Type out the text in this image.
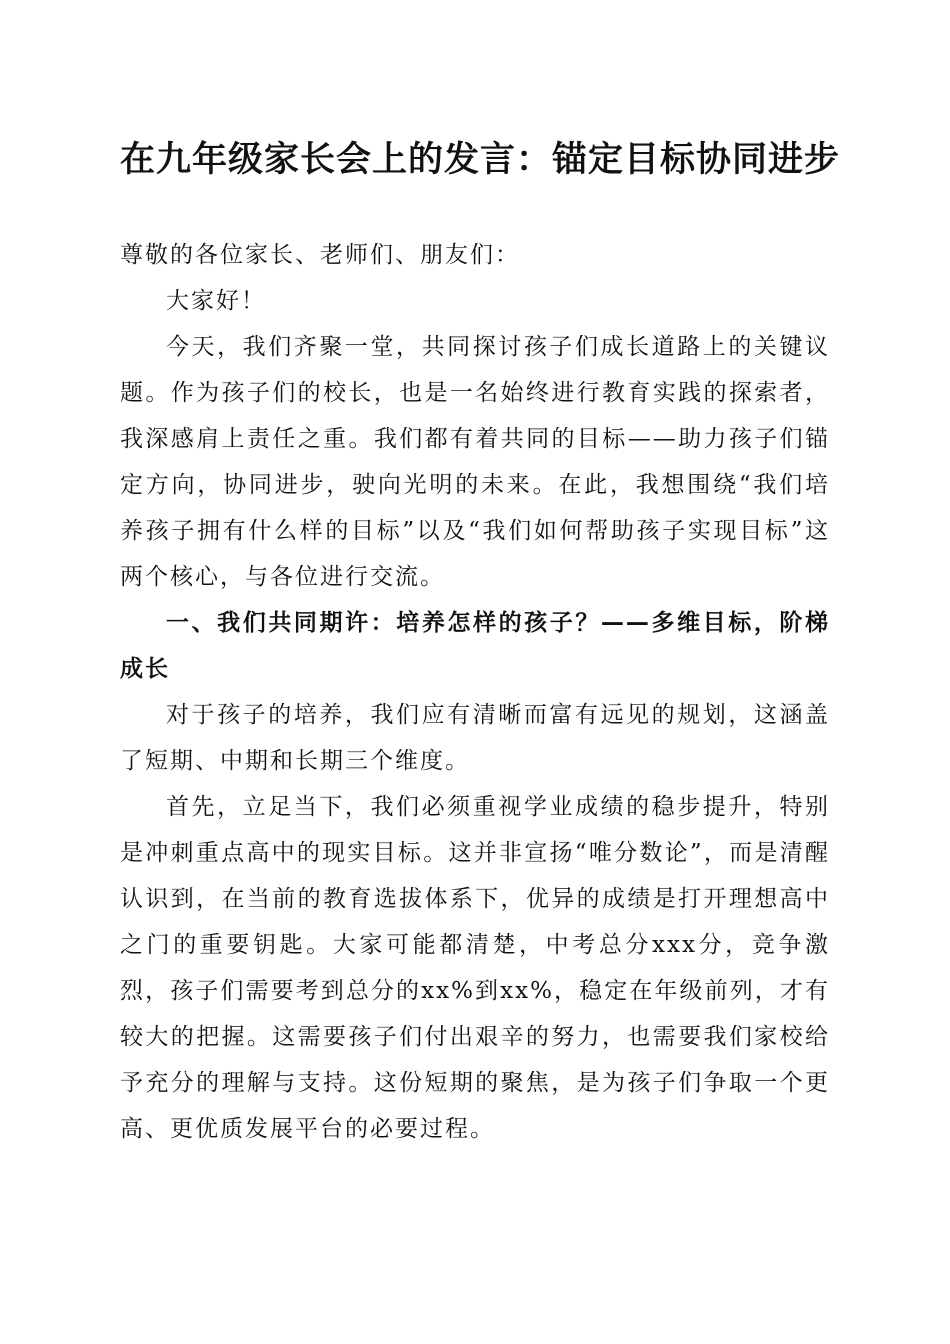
在九年级家长会上的发言：锚定目标协同进步

尊敬的各位家长、老师们、朋友们：

大家好！

今天，我们齐聚一堂，共同探讨孩子们成长道路上的关键议题。作为孩子们的校长，也是一名始终进行教育实践的探索者，我深感肩上责任之重。我们都有着共同的目标——助力孩子们锚定方向，协同进步，驶向光明的未来。在此，我想围绕“我们培养孩子拥有什么样的目标”以及“我们如何帮助孩子实现目标”这两个核心，与各位进行交流。

一、我们共同期许：培养怎样的孩子？——多维目标，阶梯成长

对于孩子的培养，我们应有清晰而富有远见的规划，这涵盖了短期、中期和长期三个维度。

首先，立足当下，我们必须重视学业成绩的稳步提升，特别是冲刺重点高中的现实目标。这并非宣扬“唯分数论”，而是清醒认识到，在当前的教育选拔体系下，优异的成绩是打开理想高中之门的重要钥匙。大家可能都清楚，中考总分xxx分，竞争激烈，孩子们需要考到总分的xx%到xx%，稳定在年级前列，才有较大的把握。这需要孩子们付出艰辛的努力，也需要我们家校给予充分的理解与支持。这份短期的聚焦，是为孩子们争取一个更高、更优质发展平台的必要过程。
